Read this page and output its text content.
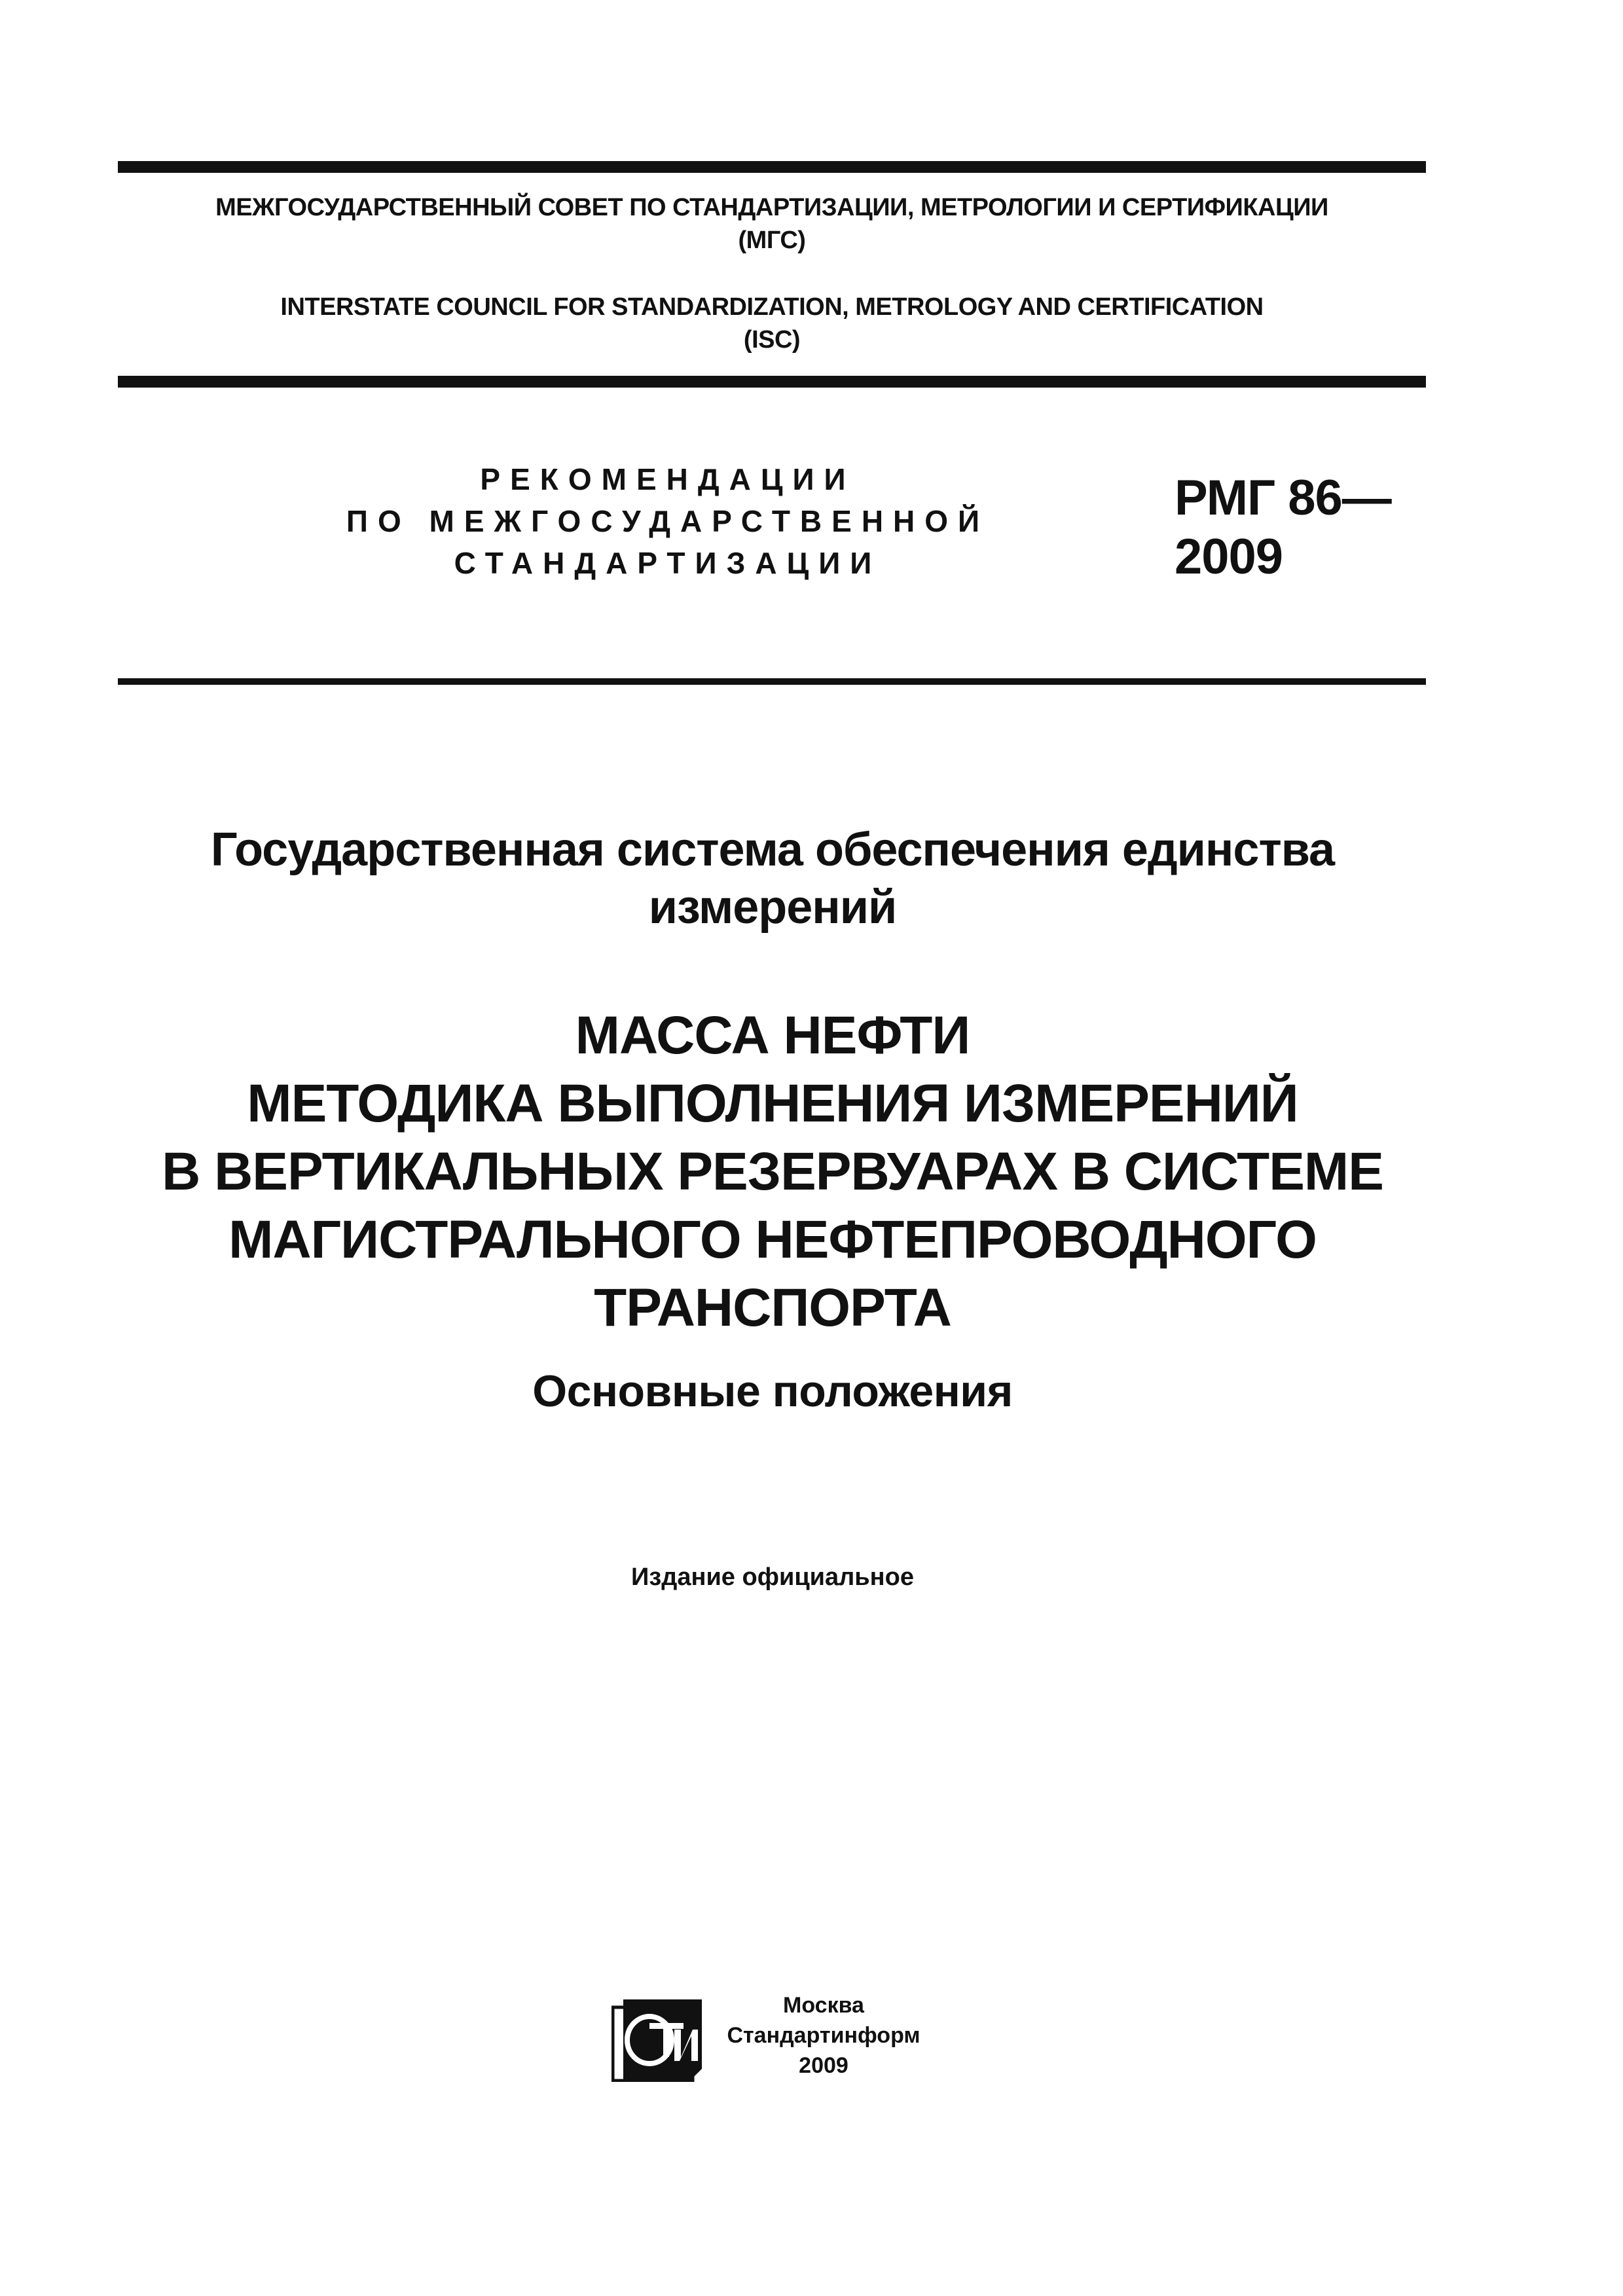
МЕЖГОСУДАРСТВЕННЫЙ СОВЕТ ПО СТАНДАРТИЗАЦИИ, МЕТРОЛОГИИ И СЕРТИФИКАЦИИ
(МГС)
INTERSTATE COUNCIL FOR STANDARDIZATION, METROLOGY AND CERTIFICATION
(ISC)
РЕКОМЕНДАЦИИ
ПО МЕЖГОСУДАРСТВЕННОЙ
СТАНДАРТИЗАЦИИ
РМГ 86—
2009
Государственная система обеспечения единства
измерений
МАССА НЕФТИ
МЕТОДИКА ВЫПОЛНЕНИЯ ИЗМЕРЕНИЙ
В ВЕРТИКАЛЬНЫХ РЕЗЕРВУАРАХ В СИСТЕМЕ
МАГИСТРАЛЬНОГО НЕФТЕПРОВОДНОГО
ТРАНСПОРТА
Основные положения
Издание официальное
Москва
Стандартинформ
2009
